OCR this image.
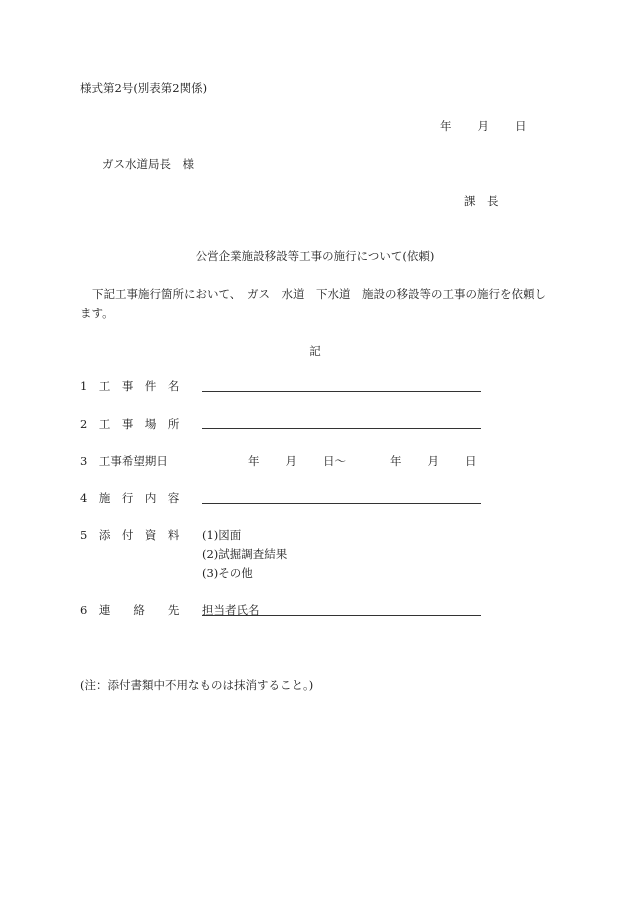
様式第2号(別表第2関係)
年 月 日
ガス水道局長　様
課　長
公営企業施設移設等工事の施行について(依頼)
下記工事施行箇所において、　ガス　水道　下水道　施設の移設等の工事の施行を依頼します。
記
1　工　事　件　名
2　工　事　場　所
3　工事希望期日	年 月 日〜	年 月 日
4　施　行　内　容
5　添　付　資　料 (1)図面
(2)試掘調査結果
(3)その他
6　連　　絡　　先 担当者氏名
(注：添付書類中不用なものは抹消すること。)
